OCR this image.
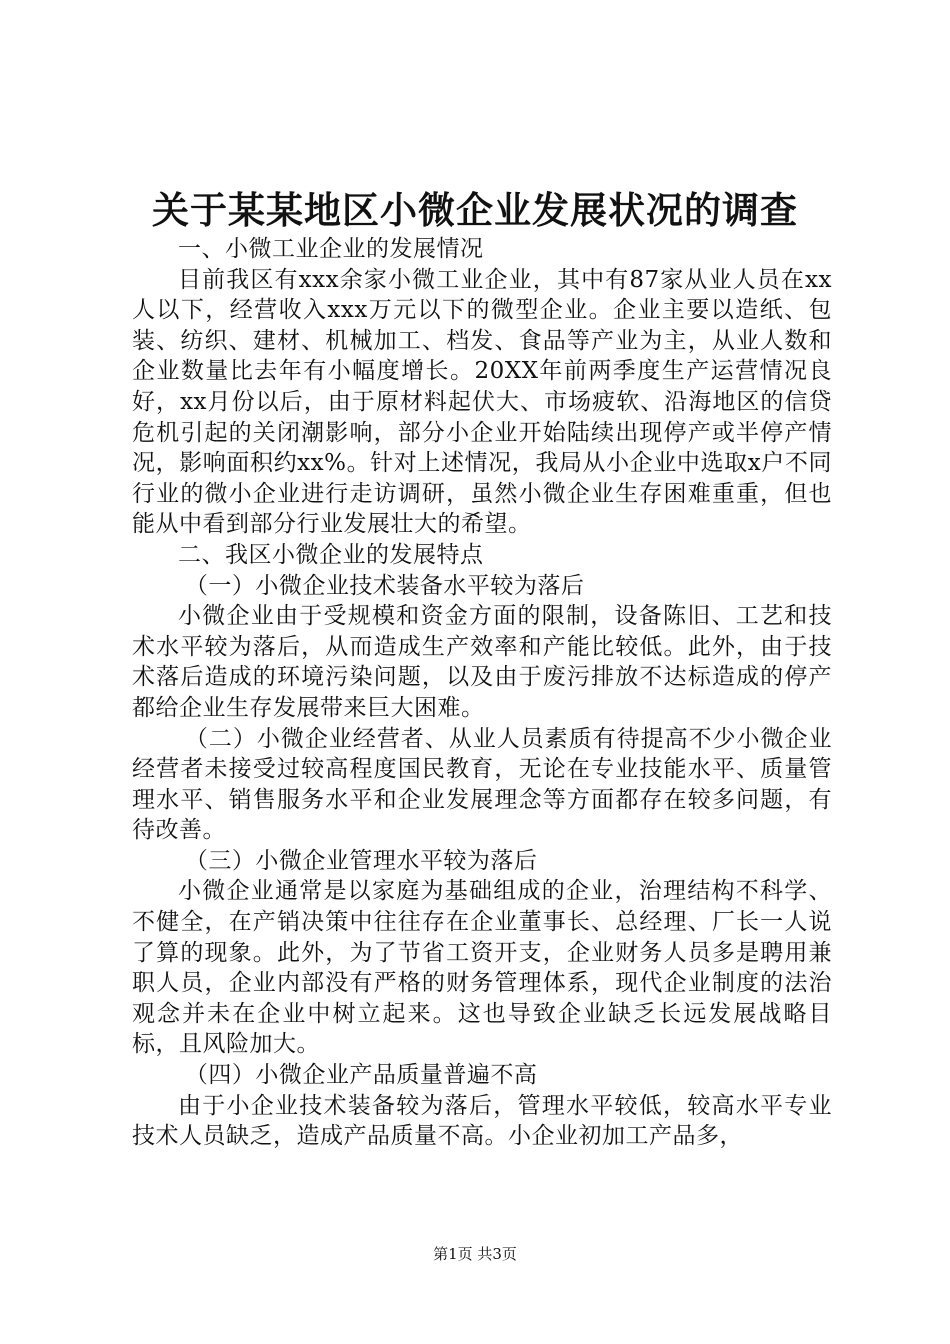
关于某某地区小微企业发展状况的调查

一、小微工业企业的发展情况

目前我区有xxx余家小微工业企业，其中有87家从业人员在xx人以下，经营收入xxx万元以下的微型企业。企业主要以造纸、包装、纺织、建材、机械加工、档发、食品等产业为主，从业人数和企业数量比去年有小幅度增长。20XX年前两季度生产运营情况良好，xx月份以后，由于原材料起伏大、市场疲软、沿海地区的信贷危机引起的关闭潮影响，部分小企业开始陆续出现停产或半停产情况，影响面积约xx%。针对上述情况，我局从小企业中选取x户不同行业的微小企业进行走访调研，虽然小微企业生存困难重重，但也能从中看到部分行业发展壮大的希望。

二、我区小微企业的发展特点

（一）小微企业技术装备水平较为落后

小微企业由于受规模和资金方面的限制，设备陈旧、工艺和技术水平较为落后，从而造成生产效率和产能比较低。此外，由于技术落后造成的环境污染问题，以及由于废污排放不达标造成的停产都给企业生存发展带来巨大困难。

（二）小微企业经营者、从业人员素质有待提高不少小微企业经营者未接受过较高程度国民教育，无论在专业技能水平、质量管理水平、销售服务水平和企业发展理念等方面都存在较多问题，有待改善。

（三）小微企业管理水平较为落后

小微企业通常是以家庭为基础组成的企业，治理结构不科学、不健全，在产销决策中往往存在企业董事长、总经理、厂长一人说了算的现象。此外，为了节省工资开支，企业财务人员多是聘用兼职人员，企业内部没有严格的财务管理体系，现代企业制度的法治观念并未在企业中树立起来。这也导致企业缺乏长远发展战略目标，且风险加大。

（四）小微企业产品质量普遍不高

由于小企业技术装备较为落后，管理水平较低，较高水平专业技术人员缺乏，造成产品质量不高。小企业初加工产品多，

第1页 共3页
